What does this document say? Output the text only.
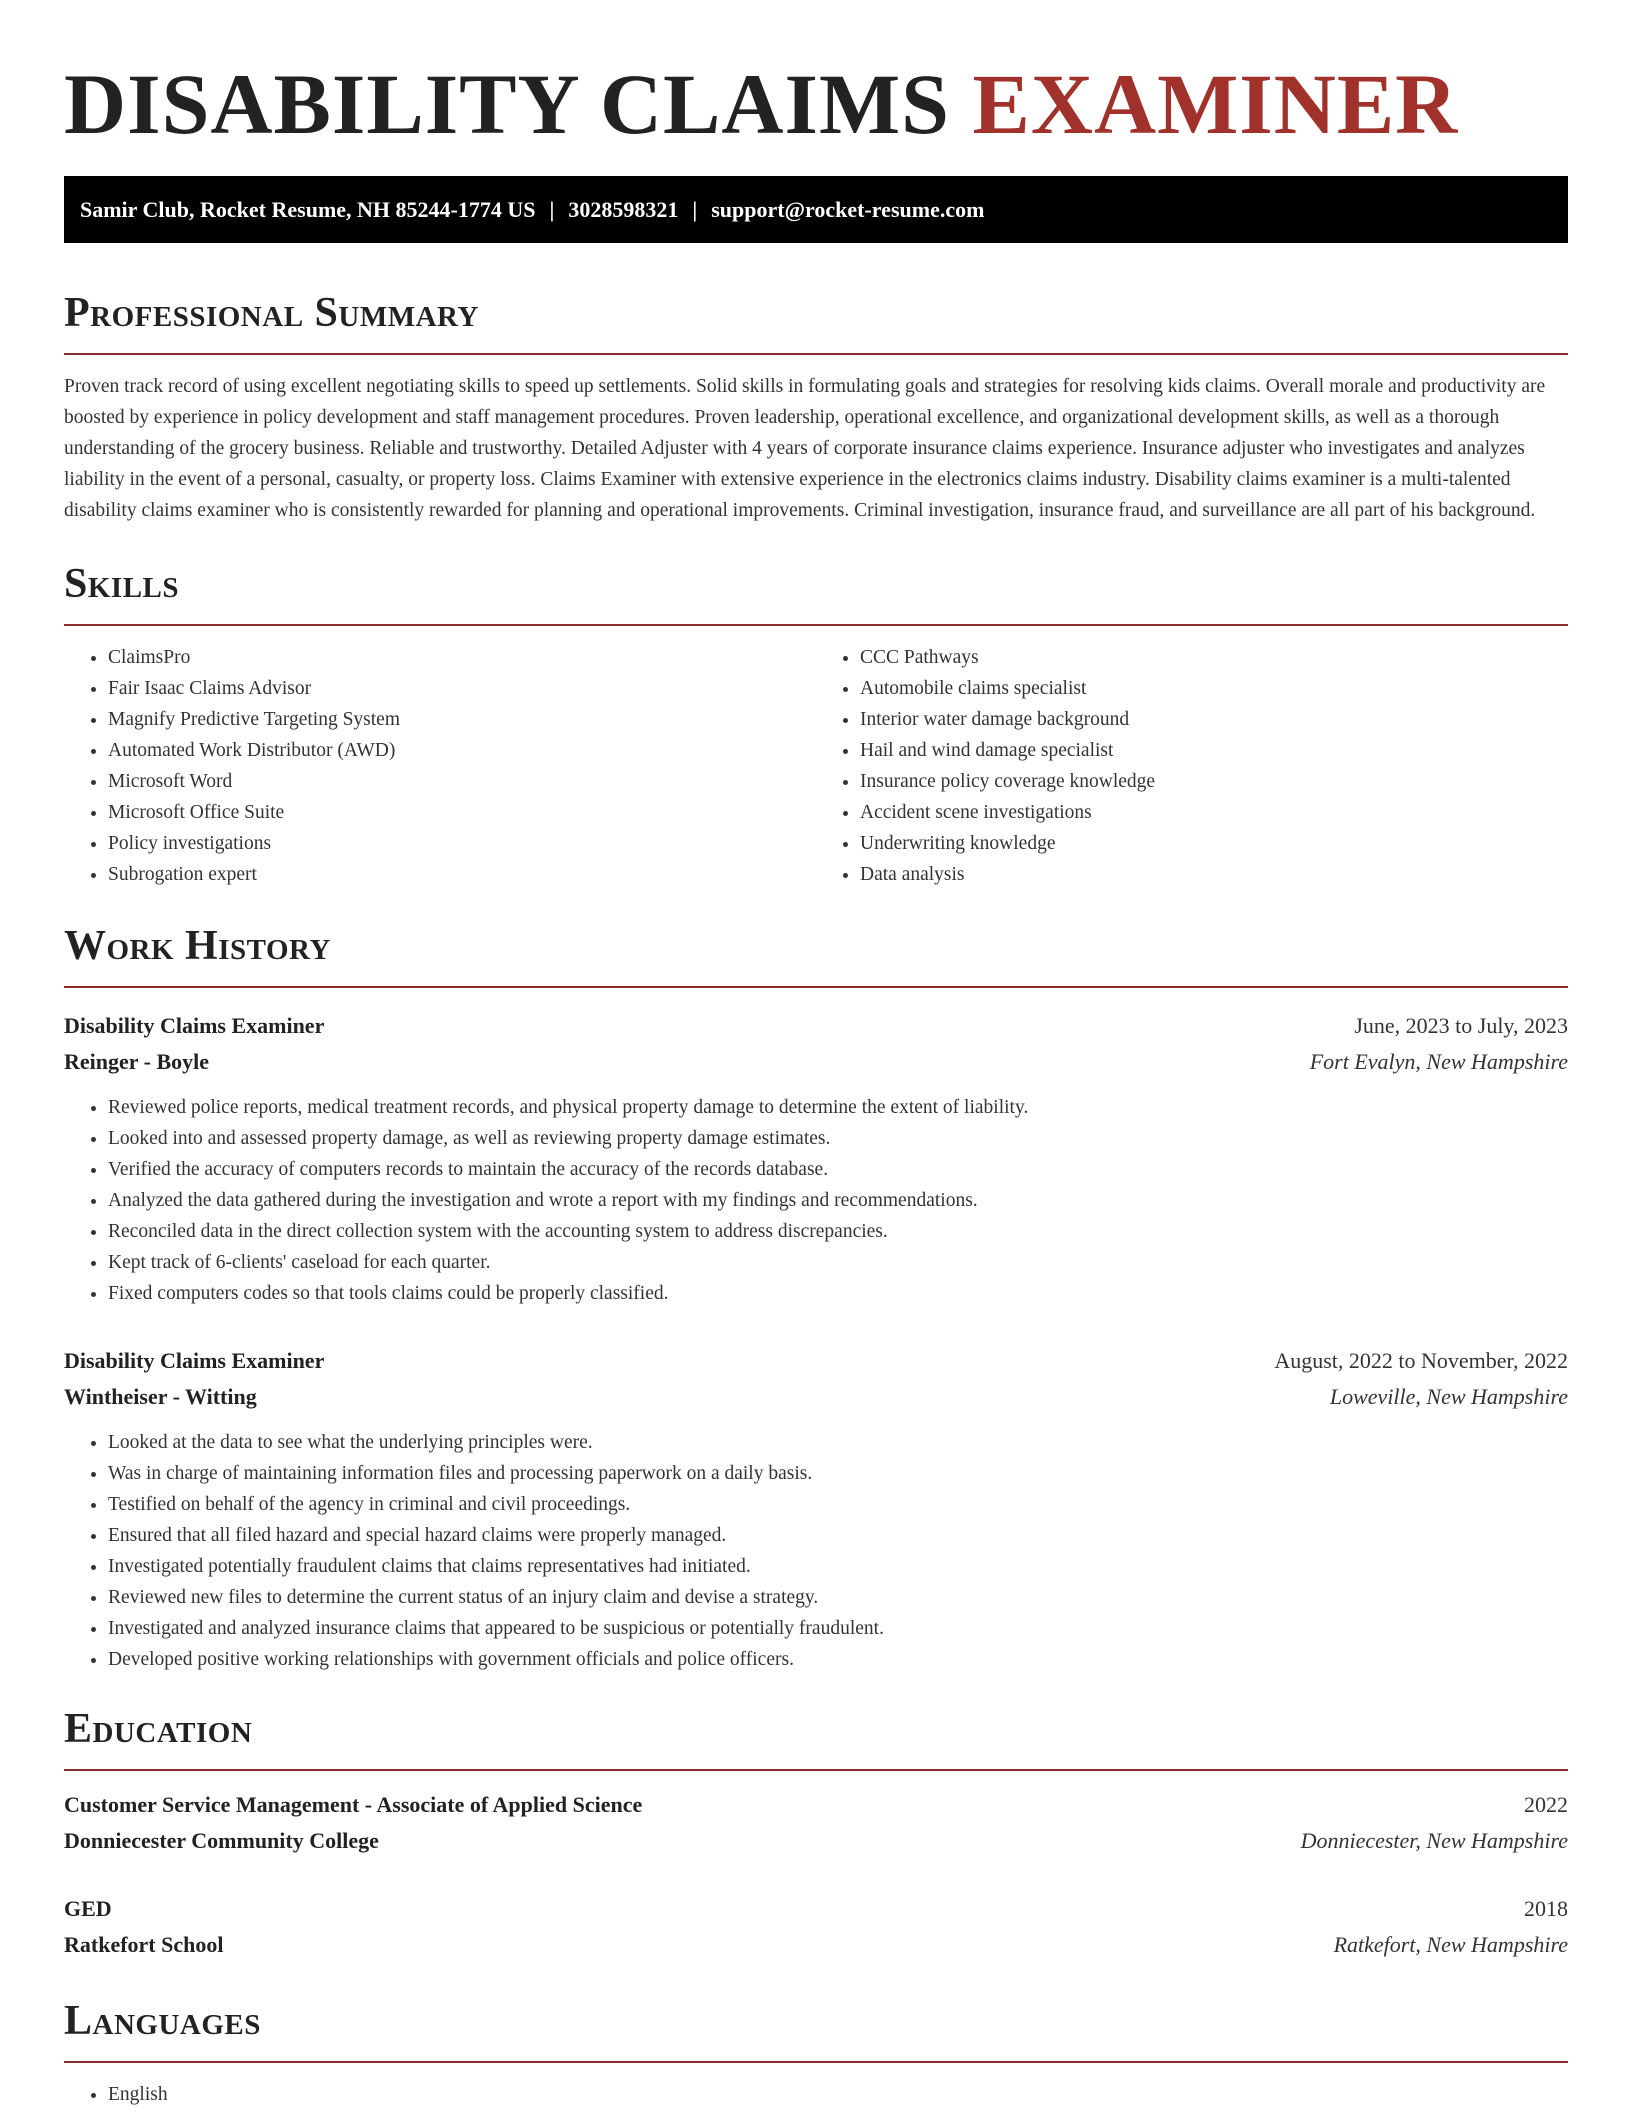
DISABILITY CLAIMS EXAMINER
Samir Club, Rocket Resume, NH 85244-1774 US | 3028598321 | support@rocket-resume.com
Professional Summary
Proven track record of using excellent negotiating skills to speed up settlements. Solid skills in formulating goals and strategies for resolving kids claims. Overall morale and productivity are boosted by experience in policy development and staff management procedures. Proven leadership, operational excellence, and organizational development skills, as well as a thorough understanding of the grocery business. Reliable and trustworthy. Detailed Adjuster with 4 years of corporate insurance claims experience. Insurance adjuster who investigates and analyzes liability in the event of a personal, casualty, or property loss. Claims Examiner with extensive experience in the electronics claims industry. Disability claims examiner is a multi-talented disability claims examiner who is consistently rewarded for planning and operational improvements. Criminal investigation, insurance fraud, and surveillance are all part of his background.
Skills
• ClaimsPro
• Fair Isaac Claims Advisor
• Magnify Predictive Targeting System
• Automated Work Distributor (AWD)
• Microsoft Word
• Microsoft Office Suite
• Policy investigations
• Subrogation expert
• CCC Pathways
• Automobile claims specialist
• Interior water damage background
• Hail and wind damage specialist
• Insurance policy coverage knowledge
• Accident scene investigations
• Underwriting knowledge
• Data analysis
Work History
Disability Claims Examiner	June, 2023 to July, 2023
Reinger - Boyle	Fort Evalyn, New Hampshire
• Reviewed police reports, medical treatment records, and physical property damage to determine the extent of liability.
• Looked into and assessed property damage, as well as reviewing property damage estimates.
• Verified the accuracy of computers records to maintain the accuracy of the records database.
• Analyzed the data gathered during the investigation and wrote a report with my findings and recommendations.
• Reconciled data in the direct collection system with the accounting system to address discrepancies.
• Kept track of 6-clients' caseload for each quarter.
• Fixed computers codes so that tools claims could be properly classified.
Disability Claims Examiner	August, 2022 to November, 2022
Wintheiser - Witting	Loweville, New Hampshire
• Looked at the data to see what the underlying principles were.
• Was in charge of maintaining information files and processing paperwork on a daily basis.
• Testified on behalf of the agency in criminal and civil proceedings.
• Ensured that all filed hazard and special hazard claims were properly managed.
• Investigated potentially fraudulent claims that claims representatives had initiated.
• Reviewed new files to determine the current status of an injury claim and devise a strategy.
• Investigated and analyzed insurance claims that appeared to be suspicious or potentially fraudulent.
• Developed positive working relationships with government officials and police officers.
Education
Customer Service Management - Associate of Applied Science	2022
Donniecester Community College	Donniecester, New Hampshire
GED	2018
Ratkefort School	Ratkefort, New Hampshire
Languages
• English
